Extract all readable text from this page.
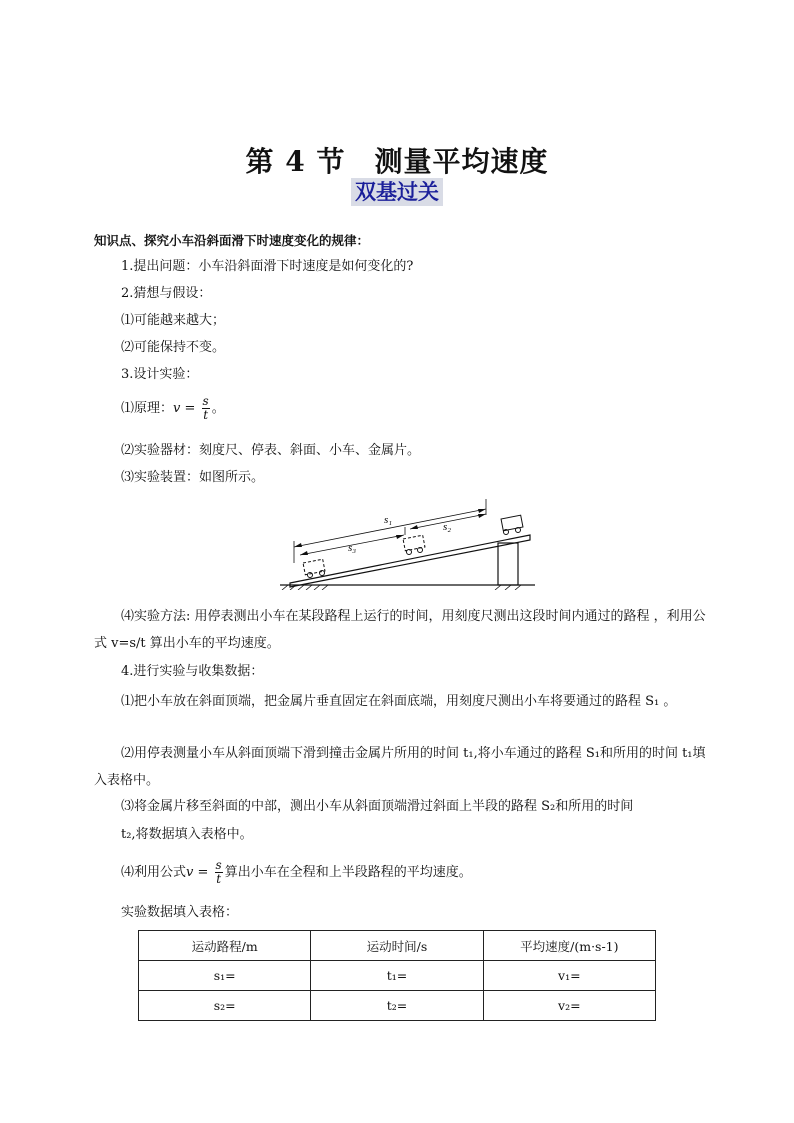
第 4 节　测量平均速度
双基过关
知识点、探究小车沿斜面滑下时速度变化的规律：
1.提出问题：小车沿斜面滑下时速度是如何变化的?
2.猜想与假设：
⑴可能越来越大；
⑵可能保持不变。
3.设计实验：
⑴原理：$v = \frac{s}{t}$ 。
⑵实验器材：刻度尺、停表、斜面、小车、金属片。
⑶实验装置：如图所示。
s₁
s₂
s₃
⑷实验方法: 用停表测出小车在某段路程上运行的时间，用刻度尺测出这段时间内通过的路程 ，利用公式 v=s/t 算出小车的平均速度。
4.进行实验与收集数据：
⑴把小车放在斜面顶端，把金属片垂直固定在斜面底端，用刻度尺测出小车将要通过的路程 S₁ 。
⑵用停表测量小车从斜面顶端下滑到撞击金属片所用的时间 t₁,将小车通过的路程 S₁和所用的时间 t₁填入表格中。
⑶将金属片移至斜面的中部，测出小车从斜面顶端滑过斜面上半段的路程 S₂和所用的时间
t₂,将数据填入表格中。
⑷利用公式$v = \frac{s}{t}$ 算出小车在全程和上半段路程的平均速度。
实验数据填入表格：
运动路程/m	运动时间/s	平均速度/(m·s-1)
s₁=	t₁=	v₁=
s₂=	t₂=	v₂=
